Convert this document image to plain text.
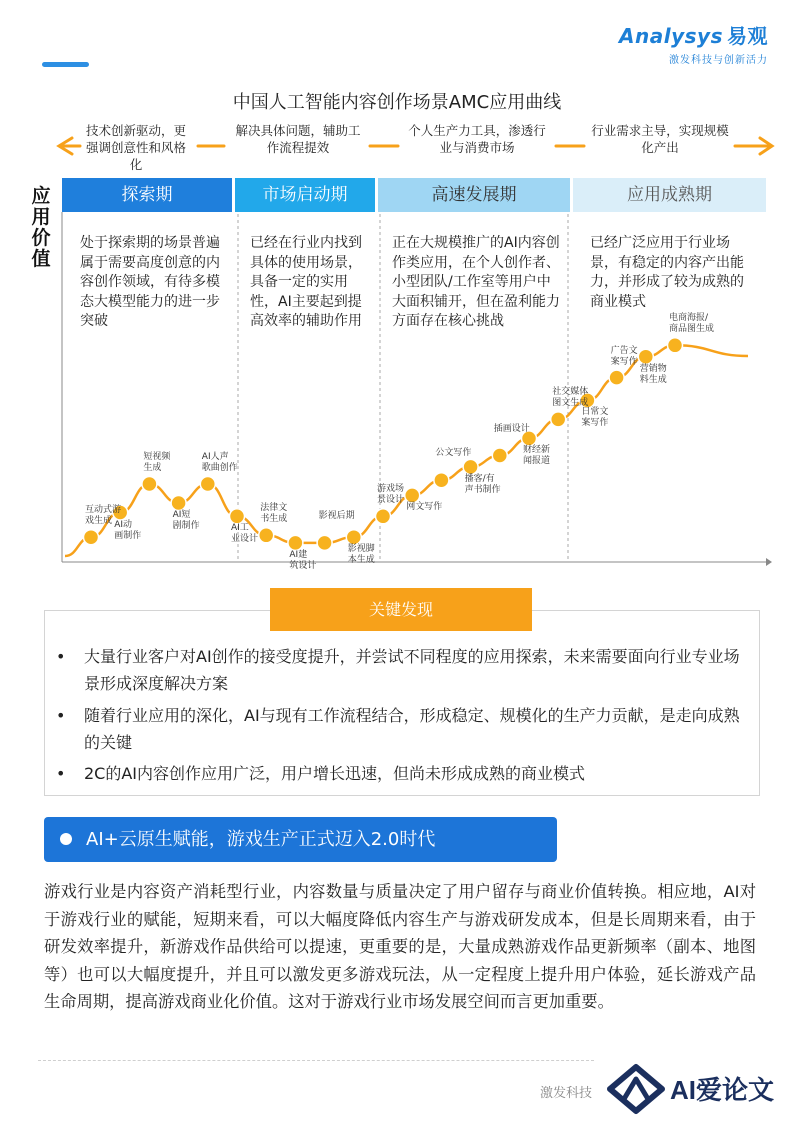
Analysys 易观
激发科技与创新活力
中国人工智能内容创作场景AMC应用曲线
技术创新驱动，更强调创意性和风格化
解决具体问题，辅助工作流程提效
个人生产力工具，渗透行业与消费市场
行业需求主导，实现规模化产出
应用价值
探索期	市场启动期	高速发展期	应用成熟期
处于探索期的场景普遍属于需要高度创意的内容创作领域，有待多模态大模型能力的进一步突破
已经在行业内找到具体的使用场景，具备一定的实用性，AI主要起到提高效率的辅助作用
正在大规模推广的AI内容创作类应用，在个人创作者、小型团队/工作室等用户中大面积铺开，但在盈利能力方面存在核心挑战
已经广泛应用于行业场景，有稳定的内容产出能力，并形成了较为成熟的商业模式
互动式游
戏生成 AI动
画制作
短视频
生成
AI短
剧制作
AI人声
歌曲创作
AI工
业设计
法律文
书生成
AI建
筑设计
影视后期
影视脚
本生成
游戏场
景设计
网文写作
公文写作
播客/有
声书制作
插画设计
财经新
闻报道
社交媒体
图文生成
日常文
案写作
广告文
案写作
营销物
料生成
电商海报/
商品图生成
关键发现
• 大量行业客户对AI创作的接受度提升，并尝试不同程度的应用探索，未来需要面向行业专业场景形成深度解决方案
• 随着行业应用的深化，AI与现有工作流程结合，形成稳定、规模化的生产力贡献，是走向成熟的关键
• 2C的AI内容创作应用广泛，用户增长迅速，但尚未形成成熟的商业模式
AI+云原生赋能，游戏生产正式迈入2.0时代
游戏行业是内容资产消耗型行业，内容数量与质量决定了用户留存与商业价值转换。相应地，AI对于游戏行业的赋能，短期来看，可以大幅度降低内容生产与游戏研发成本，但是长周期来看，由于研发效率提升，新游戏作品供给可以提速，更重要的是，大量成熟游戏作品更新频率（副本、地图等）也可以大幅度提升，并且可以激发更多游戏玩法，从一定程度上提升用户体验，延长游戏产品生命周期，提高游戏商业化价值。这对于游戏行业市场发展空间而言更加重要。
激发科技	AI爱论文
